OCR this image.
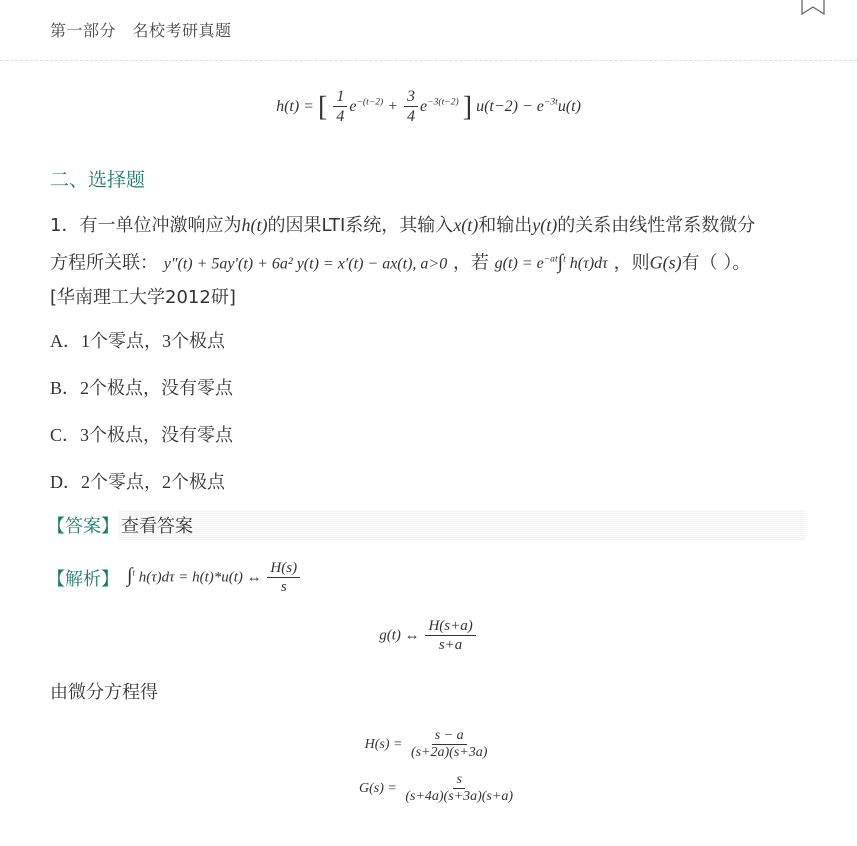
第一部分　名校考研真题
h(t) = [ $\frac{1}{4} e^{-(t-2)} + \frac{3}{4} e^{-3(t-2)}$ ] $u(t-2) - e^{-3t}u(t)$
二、选择题
1．有一单位冲激响应为h(t)的因果LTI系统，其输入x(t)和输出y(t)的关系由线性常系数微分
方程所关联： y″(t) + 5ay′(t) + 6a² y(t) = x′(t) − ax(t), a>0 ，若 $g(t) = e^{-at}\int^t$ h(τ)dτ ，则G(s)有（ ）。
[华南理工大学2012研]
A．1个零点，3个极点
B．2个极点，没有零点
C．3个极点，没有零点
D．2个零点，2个极点
【答案】 查看答案
【解析】 ∫$^t$ h(τ)dτ = h(t)*u(t) ↔ $\frac{H(s)}{s}$
g(t) ↔ $\frac{H(s+a)}{s+a}$
由微分方程得
$H(s) = \frac{s - a}{(s+2a)(s+3a)}$
$G(s) = \frac{s}{(s+4a)(s+3a)(s+a)}$
